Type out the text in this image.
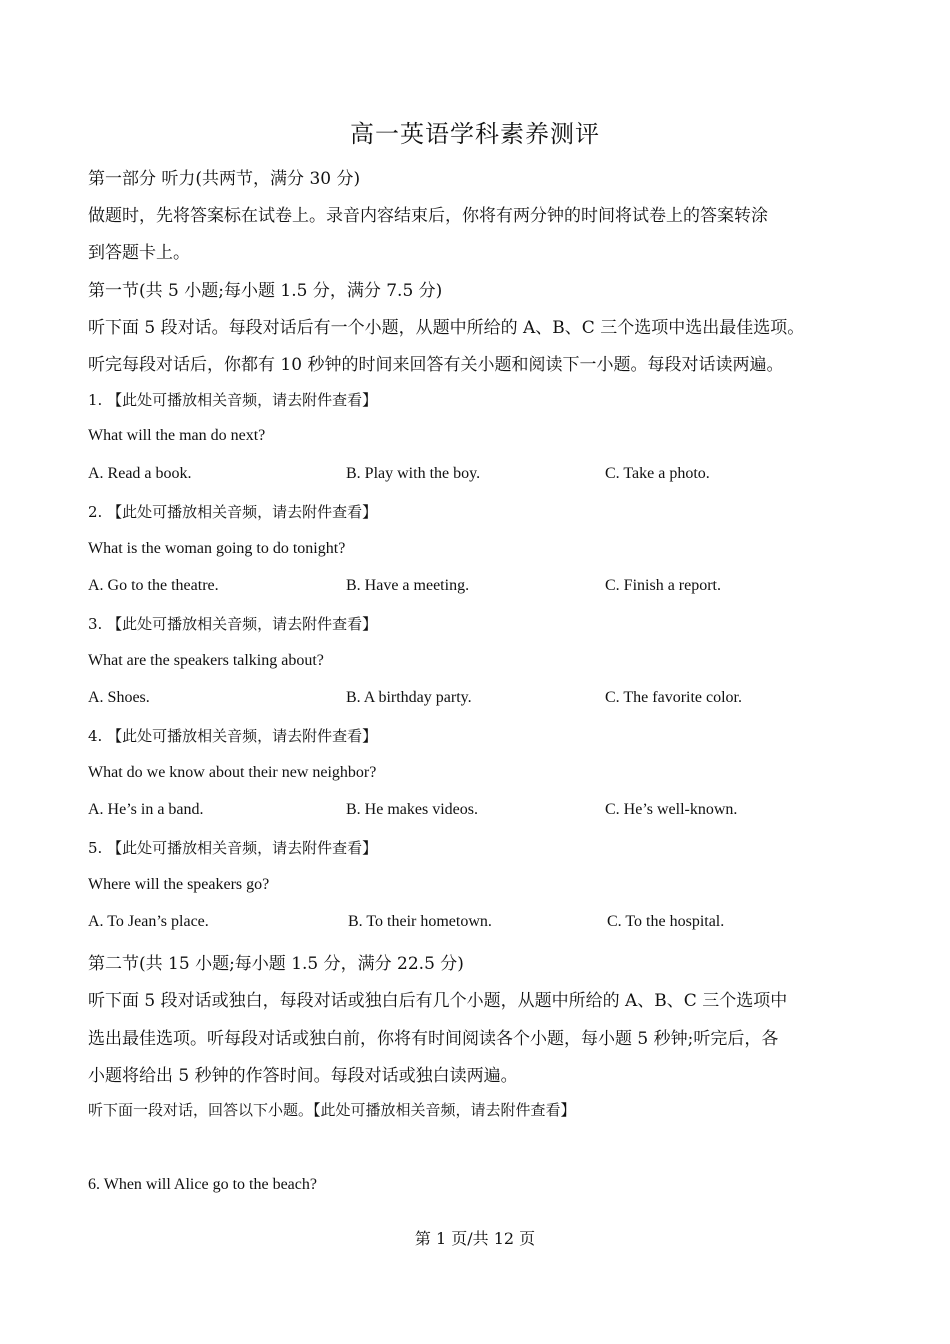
高一英语学科素养测评
第一部分 听力(共两节，满分 30 分)
做题时，先将答案标在试卷上。录音内容结束后，你将有两分钟的时间将试卷上的答案转涂
到答题卡上。
第一节(共 5 小题;每小题 1.5 分，满分 7.5 分)
听下面 5 段对话。每段对话后有一个小题，从题中所给的 A、B、C 三个选项中选出最佳选项。
听完每段对话后，你都有 10 秒钟的时间来回答有关小题和阅读下一小题。每段对话读两遍。
1. 【此处可播放相关音频，请去附件查看】
What will the man do next?
A. Read a book.	B. Play with the boy.	C. Take a photo.
2. 【此处可播放相关音频，请去附件查看】
What is the woman going to do tonight?
A. Go to the theatre.	B. Have a meeting.	C. Finish a report.
3. 【此处可播放相关音频，请去附件查看】
What are the speakers talking about?
A. Shoes.	B. A birthday party.	C. The favorite color.
4. 【此处可播放相关音频，请去附件查看】
What do we know about their new neighbor?
A. He’s in a band.	B. He makes videos.	C. He’s well-known.
5. 【此处可播放相关音频，请去附件查看】
Where will the speakers go?
A. To Jean’s place.	B. To their hometown.	C. To the hospital.
第二节(共 15 小题;每小题 1.5 分，满分 22.5 分)
听下面 5 段对话或独白，每段对话或独白后有几个小题，从题中所给的 A、B、C 三个选项中
选出最佳选项。听每段对话或独白前，你将有时间阅读各个小题，每小题 5 秒钟;听完后，各
小题将给出 5 秒钟的作答时间。每段对话或独白读两遍。
听下面一段对话，回答以下小题。【此处可播放相关音频，请去附件查看】
6. When will Alice go to the beach?
第 1 页/共 12 页
